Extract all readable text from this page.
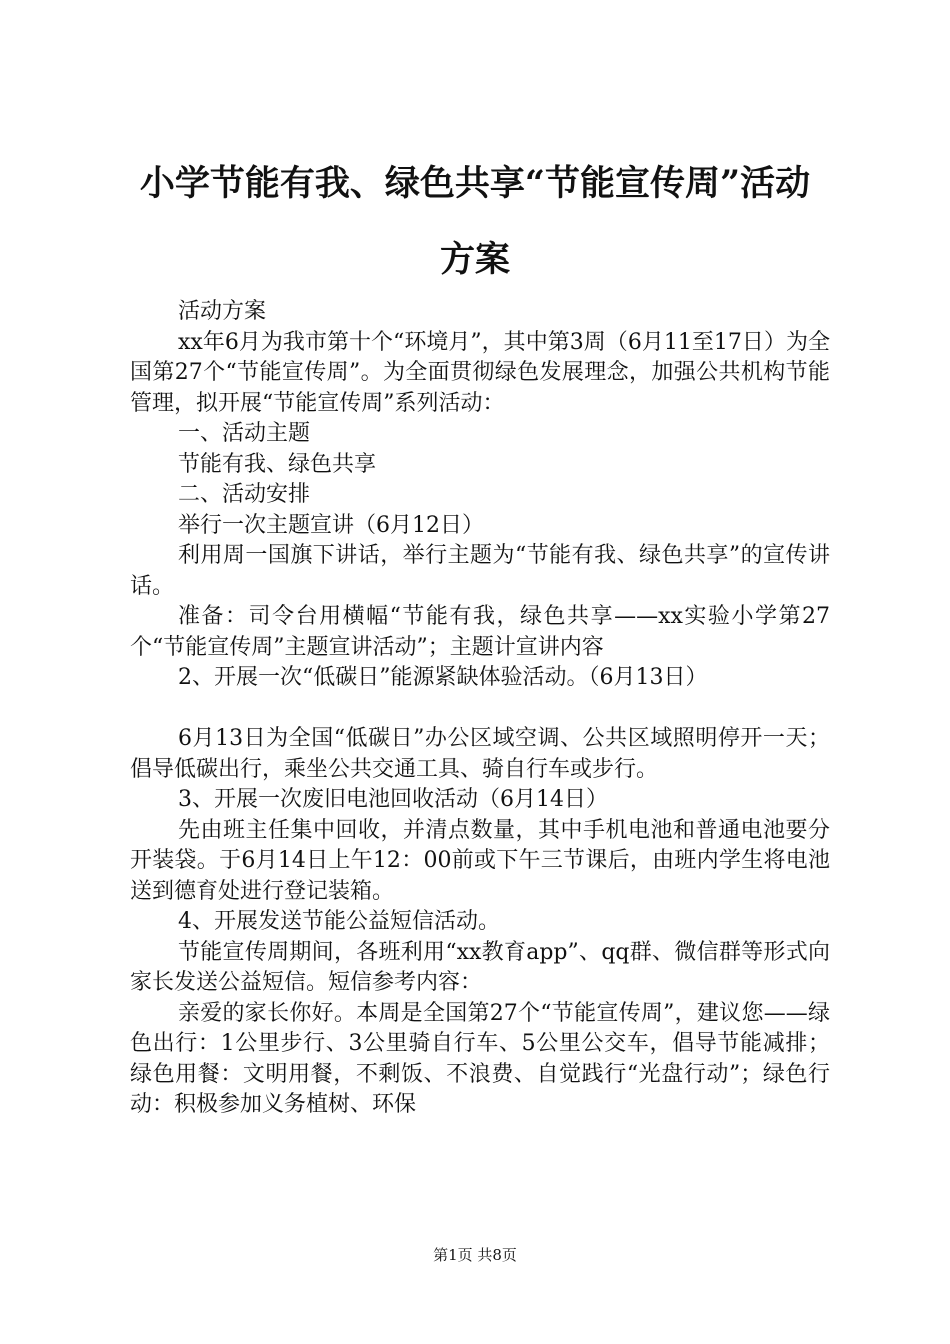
小学节能有我、绿色共享“节能宣传周”活动
方案

活动方案

xx年6月为我市第十个“环境月”，其中第3周（6月11至17日）为全国第27个“节能宣传周”。为全面贯彻绿色发展理念，加强公共机构节能管理，拟开展“节能宣传周”系列活动：

一、活动主题

节能有我、绿色共享

二、活动安排

举行一次主题宣讲（6月12日）

利用周一国旗下讲话，举行主题为“节能有我、绿色共享”的宣传讲话。

准备：司令台用横幅“节能有我，绿色共享——xx实验小学第27个“节能宣传周”主题宣讲活动”；主题计宣讲内容

2、开展一次“低碳日”能源紧缺体验活动。（6月13日）

6月13日为全国“低碳日”办公区域空调、公共区域照明停开一天；倡导低碳出行，乘坐公共交通工具、骑自行车或步行。

3、开展一次废旧电池回收活动（6月14日）

先由班主任集中回收，并清点数量，其中手机电池和普通电池要分开装袋。于6月14日上午12：00前或下午三节课后，由班内学生将电池送到德育处进行登记装箱。

4、开展发送节能公益短信活动。

节能宣传周期间，各班利用“xx教育app”、qq群、微信群等形式向家长发送公益短信。短信参考内容：

亲爱的家长你好。本周是全国第27个“节能宣传周”，建议您——绿色出行：1公里步行、3公里骑自行车、5公里公交车，倡导节能减排；绿色用餐：文明用餐，不剩饭、不浪费、自觉践行“光盘行动”；绿色行动：积极参加义务植树、环保

第1页 共8页
